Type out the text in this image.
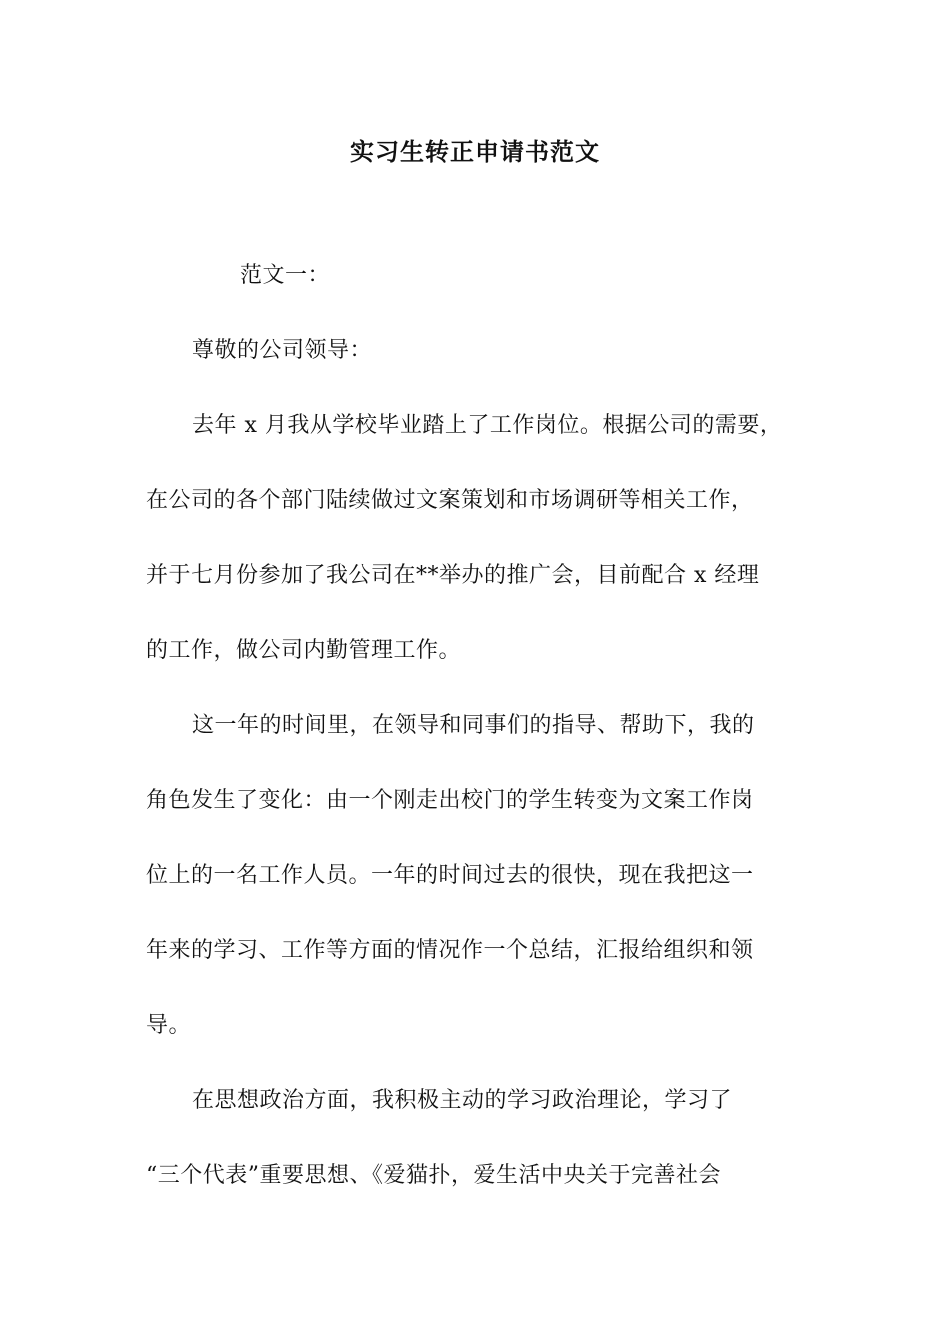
实习生转正申请书范文
范文一：
尊敬的公司领导：
去年 x 月我从学校毕业踏上了工作岗位。根据公司的需要，
在公司的各个部门陆续做过文案策划和市场调研等相关工作，
并于七月份参加了我公司在**举办的推广会，目前配合 x 经理
的工作，做公司内勤管理工作。
这一年的时间里，在领导和同事们的指导、帮助下，我的
角色发生了变化：由一个刚走出校门的学生转变为文案工作岗
位上的一名工作人员。一年的时间过去的很快，现在我把这一
年来的学习、工作等方面的情况作一个总结，汇报给组织和领
导。
在思想政治方面，我积极主动的学习政治理论，学习了
“三个代表”重要思想、《爱猫扑，爱生活中央关于完善社会
